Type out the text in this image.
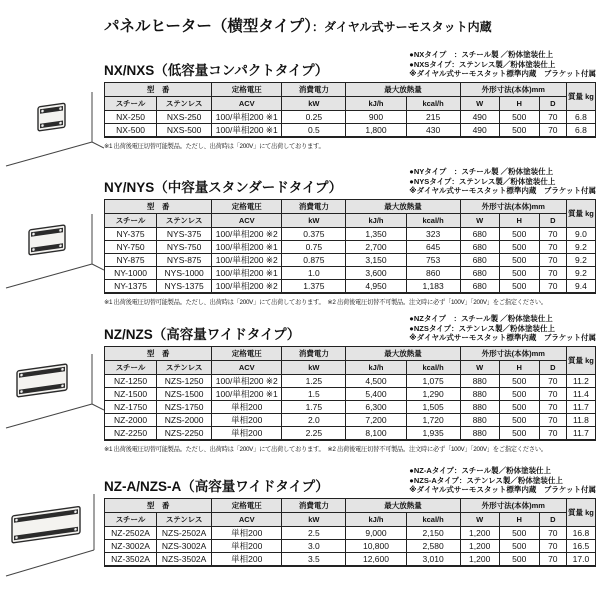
パネルヒーター（横型タイプ）：ダイヤル式サーモスタット内蔵
NX/NXS（低容量コンパクトタイプ）
●NXタイプ　：スチール製 ／粉体塗装仕上
●NXSタイプ：ステンレス製／粉体塗装仕上
※ダイヤル式サーモスタット標準内蔵　ブラケット付属
型　番		定格電圧	消費電力	最大放熱量		外形寸法(本体)mm			質量 kg
スチール	ステンレス	ACV	kW	kJ/h	kcal/h	W	H	D	
NX-250	NXS-250	100/単相200 ※1	0.25	900	215	490	500	70	6.8
NX-500	NXS-500	100/単相200 ※1	0.5	1,800	430	490	500	70	6.8
※1 出荷後電圧切替可能製品。ただし、出荷時は「200V」にて出荷しております。
NY/NYS（中容量スタンダードタイプ）
●NYタイプ　：スチール製 ／粉体塗装仕上
●NYSタイプ：ステンレス製／粉体塗装仕上
※ダイヤル式サーモスタット標準内蔵　ブラケット付属
型　番		定格電圧	消費電力	最大放熱量		外形寸法(本体)mm			質量 kg
スチール	ステンレス	ACV	kW	kJ/h	kcal/h	W	H	D	
NY-375	NYS-375	100/単相200 ※2	0.375	1,350	323	680	500	70	9.0
NY-750	NYS-750	100/単相200 ※1	0.75	2,700	645	680	500	70	9.2
NY-875	NYS-875	100/単相200 ※2	0.875	3,150	753	680	500	70	9.2
NY-1000	NYS-1000	100/単相200 ※1	1.0	3,600	860	680	500	70	9.2
NY-1375	NYS-1375	100/単相200 ※2	1.375	4,950	1,183	680	500	70	9.4
※1 出荷後電圧切替可能製品。ただし、出荷時は「200V」にて出荷しております。　※2 出荷後電圧切替不可製品。注文時に必ず「100V」「200V」をご指定ください。
NZ/NZS（高容量ワイドタイプ）
●NZタイプ　：スチール製 ／粉体塗装仕上
●NZSタイプ：ステンレス製／粉体塗装仕上
※ダイヤル式サーモスタット標準内蔵　ブラケット付属
型　番		定格電圧	消費電力	最大放熱量		外形寸法(本体)mm			質量 kg
スチール	ステンレス	ACV	kW	kJ/h	kcal/h	W	H	D	
NZ-1250	NZS-1250	100/単相200 ※2	1.25	4,500	1,075	880	500	70	11.2
NZ-1500	NZS-1500	100/単相200 ※1	1.5	5,400	1,290	880	500	70	11.4
NZ-1750	NZS-1750	単相200	1.75	6,300	1,505	880	500	70	11.7
NZ-2000	NZS-2000	単相200	2.0	7,200	1,720	880	500	70	11.8
NZ-2250	NZS-2250	単相200	2.25	8,100	1,935	880	500	70	11.7
※1 出荷後電圧切替可能製品。ただし、出荷時は「200V」にて出荷しております。　※2 出荷後電圧切替不可製品。注文時に必ず「100V」「200V」をご指定ください。
NZ-A/NZS-A（高容量ワイドタイプ）
●NZ-Aタイプ：スチール製／粉体塗装仕上
●NZS-Aタイプ：ステンレス製／粉体塗装仕上
※ダイヤル式サーモスタット標準内蔵　ブラケット付属
型　番		定格電圧	消費電力	最大放熱量		外形寸法(本体)mm			質量 kg
スチール	ステンレス	ACV	kW	kJ/h	kcal/h	W	H	D	
NZ-2502A	NZS-2502A	単相200	2.5	9,000	2,150	1,200	500	70	16.8
NZ-3002A	NZS-3002A	単相200	3.0	10,800	2,580	1,200	500	70	16.5
NZ-3502A	NZS-3502A	単相200	3.5	12,600	3,010	1,200	500	70	17.0
